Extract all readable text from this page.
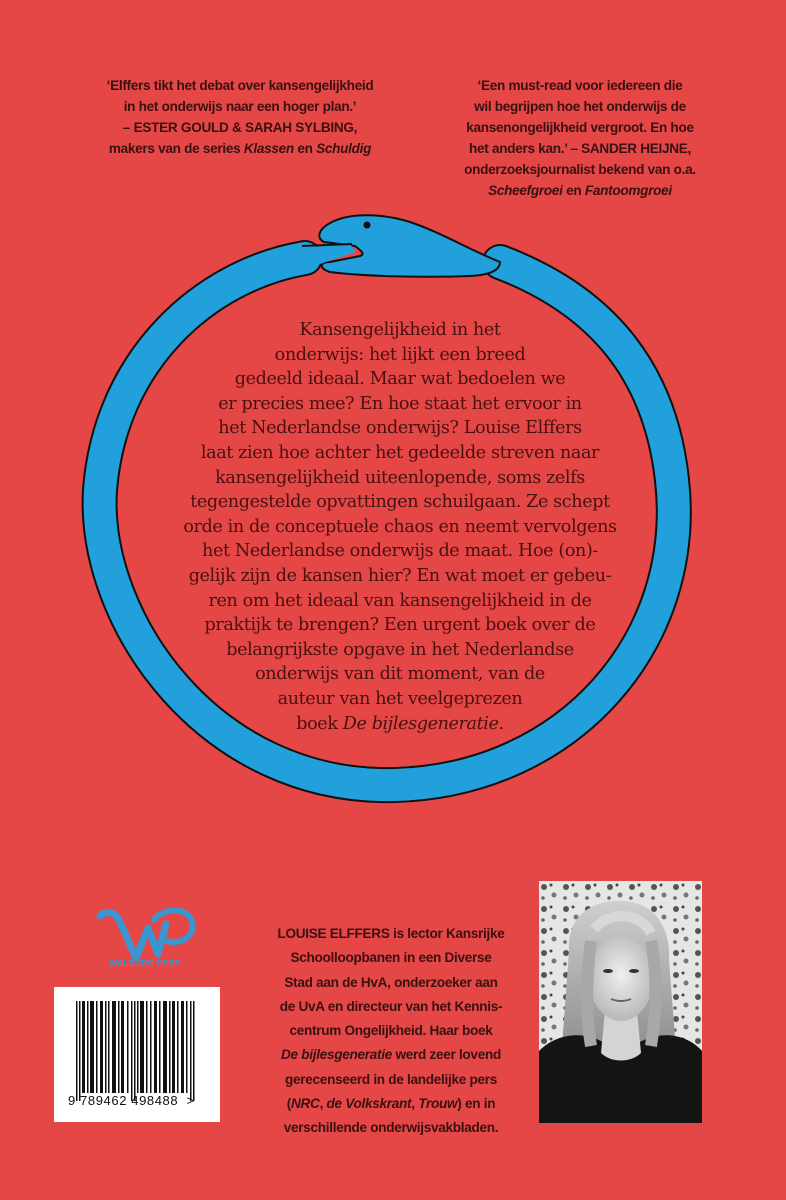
‘Elffers tikt het debat over kansengelijkheid
in het onderwijs naar een hoger plan.’
– ESTER GOULD & SARAH SYLBING,
makers van de series Klassen en Schuldig
‘Een must-read voor iedereen die
wil begrijpen hoe het onderwijs de
kansenongelijkheid vergroot. En hoe
het anders kan.’ – SANDER HEIJNE,
onderzoeksjournalist bekend van o.a.
Scheefgroei en Fantoomgroei
Kansengelijkheid in het
onderwijs: het lijkt een breed
gedeeld ideaal. Maar wat bedoelen we
er precies mee? En hoe staat het ervoor in
het Nederlandse onderwijs? Louise Elffers
laat zien hoe achter het gedeelde streven naar
kansengelijkheid uiteenlopende, soms zelfs
tegengestelde opvattingen schuilgaan. Ze schept
orde in de conceptuele chaos en neemt vervolgens
het Nederlandse onderwijs de maat. Hoe (on)-
gelijk zijn de kansen hier? En wat moet er gebeu-
ren om het ideaal van kansengelijkheid in de
praktijk te brengen? Een urgent boek over de
belangrijkste opgave in het Nederlandse
onderwijs van dit moment, van de
auteur van het veelgeprezen
boek De bijlesgeneratie.
WALBURG PERS
9 789462 498488  >
LOUISE ELFFERS is lector Kansrijke
Schoolloopbanen in een Diverse
Stad aan de HvA, onderzoeker aan
de UvA en directeur van het Kennis-
centrum Ongelijkheid. Haar boek
De bijlesgeneratie werd zeer lovend
gerecenseerd in de landelijke pers
(NRC, de Volkskrant, Trouw) en in
verschillende onderwijsvakbladen.
